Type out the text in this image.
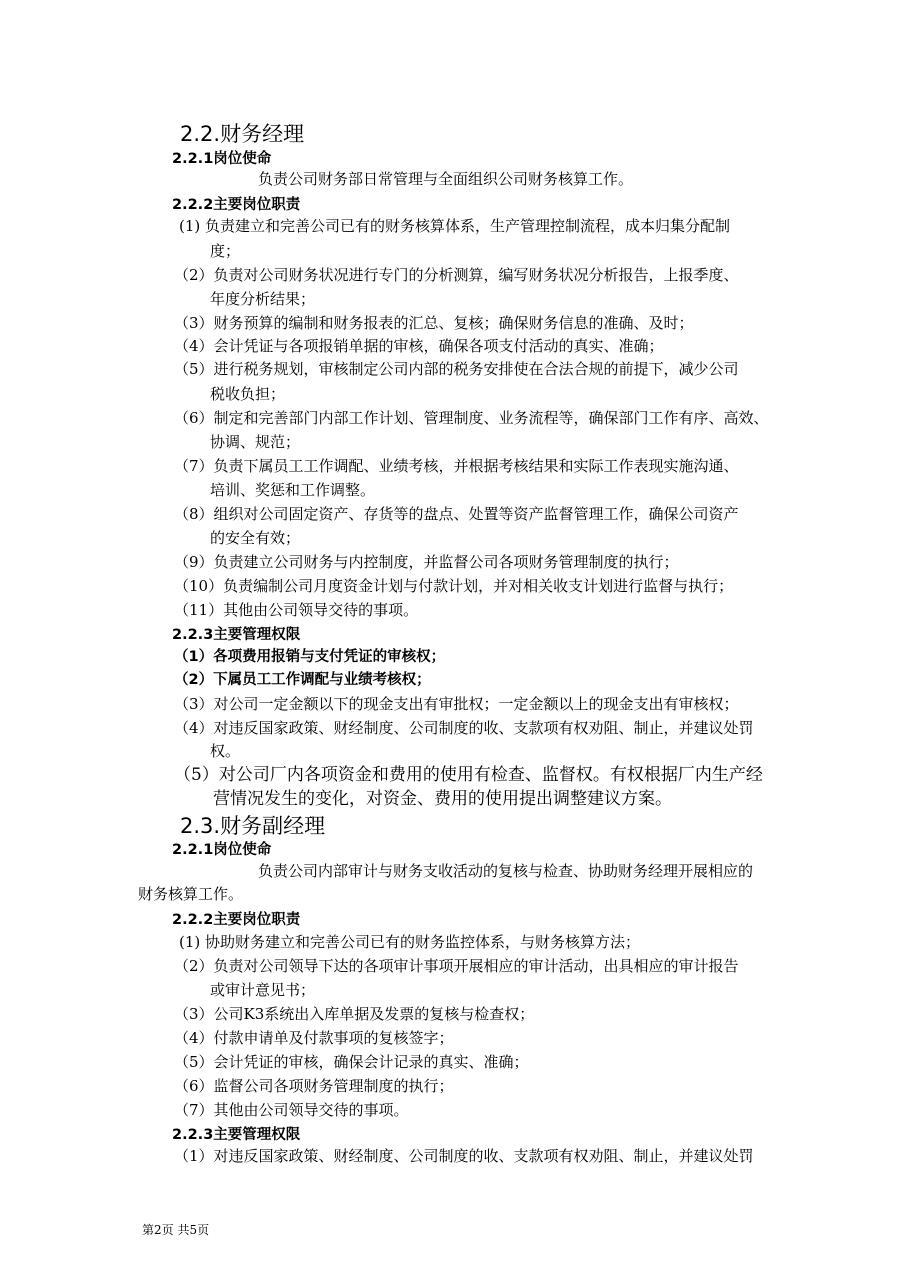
2.2.财务经理
2.2.1岗位使命
负责公司财务部日常管理与全面组织公司财务核算工作。
2.2.2主要岗位职责
(1) 负责建立和完善公司已有的财务核算体系，生产管理控制流程，成本归集分配制
度；
（2）负责对公司财务状况进行专门的分析测算，编写财务状况分析报告，上报季度、
年度分析结果；
（3）财务预算的编制和财务报表的汇总、复核；确保财务信息的准确、及时；
（4）会计凭证与各项报销单据的审核，确保各项支付活动的真实、准确；
（5）进行税务规划，审核制定公司内部的税务安排使在合法合规的前提下，减少公司
税收负担；
（6）制定和完善部门内部工作计划、管理制度、业务流程等，确保部门工作有序、高效、
协调、规范；
（7）负责下属员工工作调配、业绩考核，并根据考核结果和实际工作表现实施沟通、
培训、奖惩和工作调整。
（8）组织对公司固定资产、存货等的盘点、处置等资产监督管理工作，确保公司资产
的安全有效；
（9）负责建立公司财务与内控制度，并监督公司各项财务管理制度的执行；
（10）负责编制公司月度资金计划与付款计划，并对相关收支计划进行监督与执行；
（11）其他由公司领导交待的事项。
2.2.3主要管理权限
（1）各项费用报销与支付凭证的审核权；
（2）下属员工工作调配与业绩考核权；
（3）对公司一定金额以下的现金支出有审批权；一定金额以上的现金支出有审核权；
（4）对违反国家政策、财经制度、公司制度的收、支款项有权劝阻、制止，并建议处罚
权。
（5）对公司厂内各项资金和费用的使用有检查、监督权。有权根据厂内生产经
营情况发生的变化，对资金、费用的使用提出调整建议方案。
2.3.财务副经理
2.2.1岗位使命
负责公司内部审计与财务支收活动的复核与检查、协助财务经理开展相应的
财务核算工作。
2.2.2主要岗位职责
(1) 协助财务建立和完善公司已有的财务监控体系，与财务核算方法；
（2）负责对公司领导下达的各项审计事项开展相应的审计活动，出具相应的审计报告
或审计意见书；
（3）公司K3系统出入库单据及发票的复核与检查权；
（4）付款申请单及付款事项的复核签字；
（5）会计凭证的审核，确保会计记录的真实、准确；
（6）监督公司各项财务管理制度的执行；
（7）其他由公司领导交待的事项。
2.2.3主要管理权限
（1）对违反国家政策、财经制度、公司制度的收、支款项有权劝阻、制止，并建议处罚
第2页 共5页
